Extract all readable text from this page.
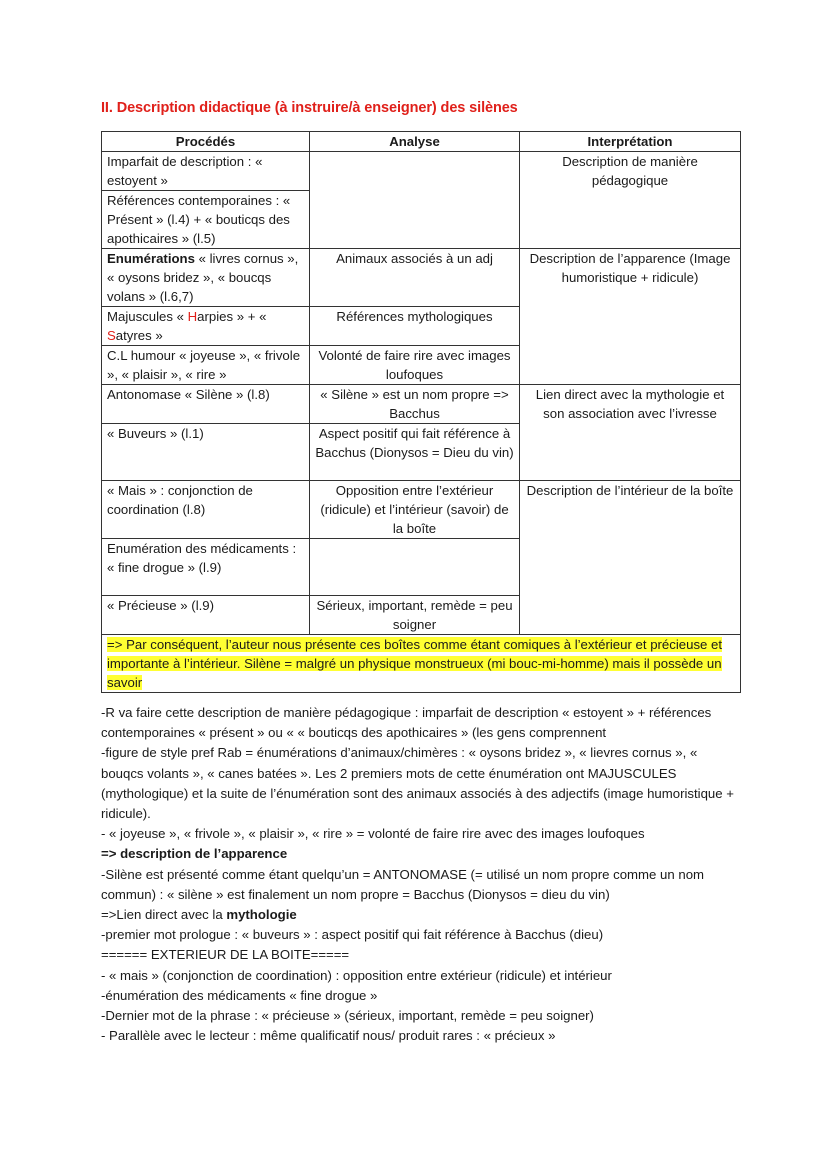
II. Description didactique (à instruire/à enseigner) des silènes
Procédés	Analyse	Interprétation
Imparfait de description : « estoyent »		Description de manière pédagogique
Références contemporaines : « Présent » (l.4) + « bouticqs des apothicaires » (l.5)		
Enumérations « livres cornus », « oysons bridez », « boucqs volans » (l.6,7)	Animaux associés à un adj	Description de l’apparence (Image humoristique + ridicule)
Majuscules « Harpies » + « Satyres »	Références mythologiques	
C.L humour « joyeuse », « frivole », « plaisir », « rire »	Volonté de faire rire avec images loufoques	
Antonomase « Silène » (l.8)	« Silène » est un nom propre => Bacchus	Lien direct avec la mythologie et son association avec l’ivresse
« Buveurs » (l.1)	Aspect positif qui fait référence à Bacchus (Dionysos = Dieu du vin)	
« Mais » : conjonction de coordination (l.8)	Opposition entre l’extérieur (ridicule) et l’intérieur (savoir) de la boîte	Description de l’intérieur de la boîte
Enumération des médicaments : « fine drogue » (l.9)		
« Précieuse » (l.9)	Sérieux, important, remède = peu soigner	
=> Par conséquent, l’auteur nous présente ces boîtes comme étant comiques à l’extérieur et précieuse et importante à l’intérieur. Silène = malgré un physique monstrueux (mi bouc-mi-homme) mais il possède un savoir		

-R va faire cette description de manière pédagogique : imparfait de description « estoyent » + références contemporaines « présent » ou « « bouticqs des apothicaires » (les gens comprennent

-figure de style pref Rab = énumérations d’animaux/chimères : « oysons bridez », « lievres cornus », « bouqcs volants », « canes batées ». Les 2 premiers mots de cette énumération ont MAJUSCULES (mythologique) et la suite de l’énumération sont des animaux associés à des adjectifs (image humoristique + ridicule).

- « joyeuse », « frivole », « plaisir », « rire » = volonté de faire rire avec des images loufoques

=> description de l’apparence

-Silène est présenté comme étant quelqu’un = ANTONOMASE (= utilisé un nom propre comme un nom commun) : « silène » est finalement un nom propre = Bacchus (Dionysos = dieu du vin)

=>Lien direct avec la mythologie

-premier mot prologue : « buveurs » : aspect positif qui fait référence à Bacchus (dieu)

====== EXTERIEUR DE LA BOITE=====

- « mais » (conjonction de coordination) : opposition entre extérieur (ridicule) et intérieur

-énumération des médicaments « fine drogue »

-Dernier mot de la phrase : « précieuse » (sérieux, important, remède = peu soigner)

- Parallèle avec le lecteur : même qualificatif nous/ produit rares : « précieux »
